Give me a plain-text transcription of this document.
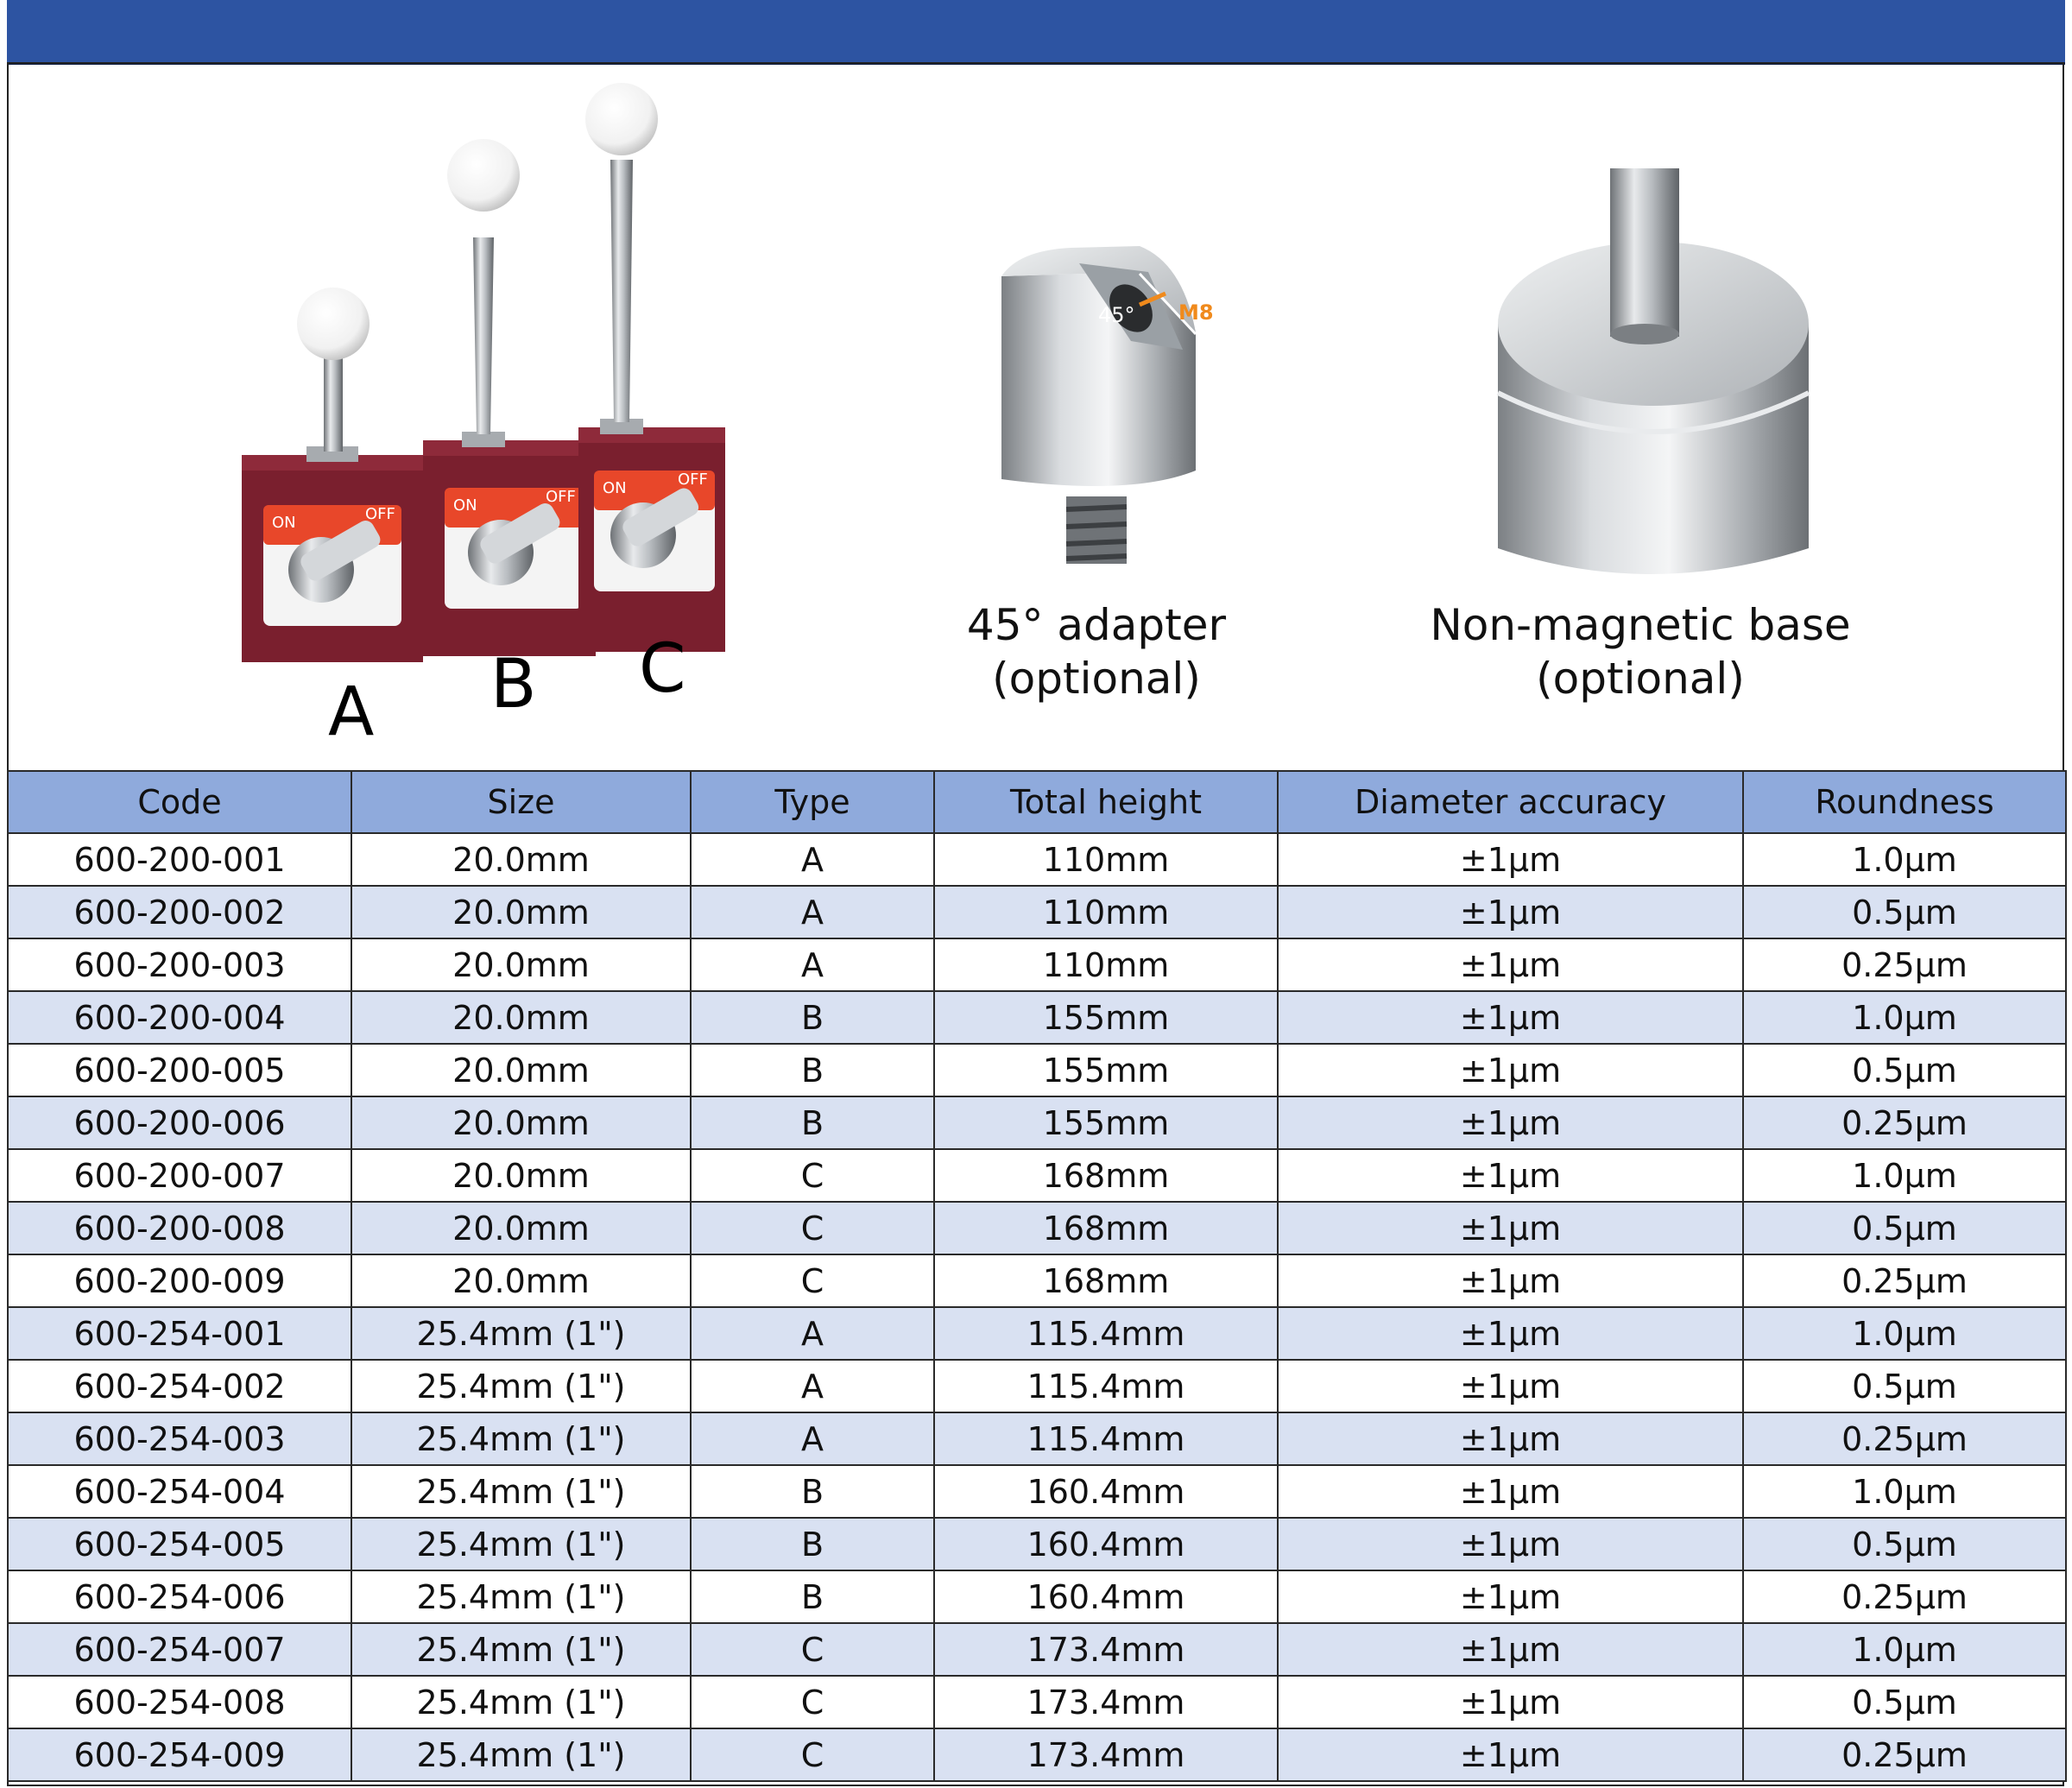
ON	OFF	ON	OFF ON	OFF
45° M8
A B C
45° adapter
(optional)
Non-magnetic base
(optional)
Code	Size	Type	Total height	Diameter accuracy	Roundness
600-200-001	20.0mm	A	110mm	±1μm	1.0μm
600-200-002	20.0mm	A	110mm	±1μm	0.5μm
600-200-003	20.0mm	A	110mm	±1μm	0.25μm
600-200-004	20.0mm	B	155mm	±1μm	1.0μm
600-200-005	20.0mm	B	155mm	±1μm	0.5μm
600-200-006	20.0mm	B	155mm	±1μm	0.25μm
600-200-007	20.0mm	C	168mm	±1μm	1.0μm
600-200-008	20.0mm	C	168mm	±1μm	0.5μm
600-200-009	20.0mm	C	168mm	±1μm	0.25μm
600-254-001	25.4mm (1")	A	115.4mm	±1μm	1.0μm
600-254-002	25.4mm (1")	A	115.4mm	±1μm	0.5μm
600-254-003	25.4mm (1")	A	115.4mm	±1μm	0.25μm
600-254-004	25.4mm (1")	B	160.4mm	±1μm	1.0μm
600-254-005	25.4mm (1")	B	160.4mm	±1μm	0.5μm
600-254-006	25.4mm (1")	B	160.4mm	±1μm	0.25μm
600-254-007	25.4mm (1")	C	173.4mm	±1μm	1.0μm
600-254-008	25.4mm (1")	C	173.4mm	±1μm	0.5μm
600-254-009	25.4mm (1")	C	173.4mm	±1μm	0.25μm
